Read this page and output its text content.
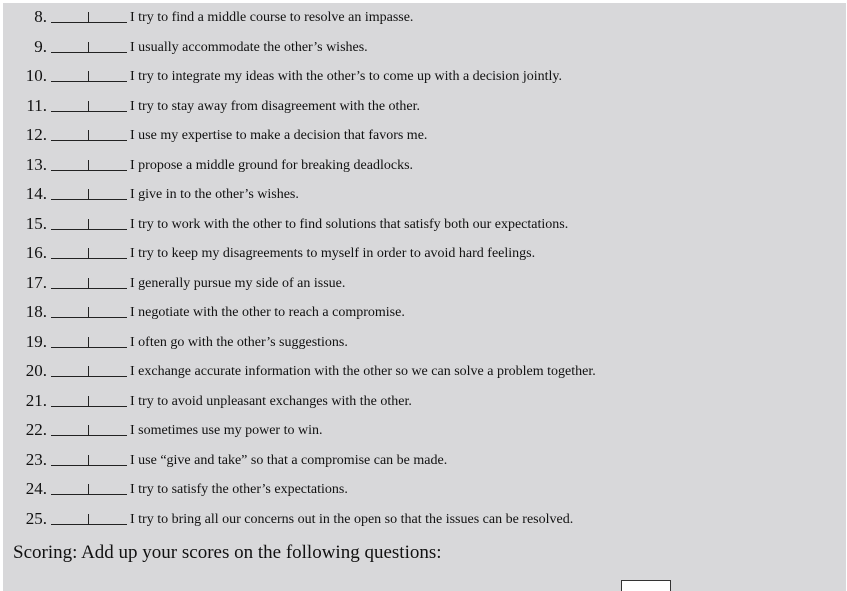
8.	I try to find a middle course to resolve an impasse.
9.	I usually accommodate the other’s wishes.
10.	I try to integrate my ideas with the other’s to come up with a decision jointly.
11.	I try to stay away from disagreement with the other.
12.	I use my expertise to make a decision that favors me.
13.	I propose a middle ground for breaking deadlocks.
14.	I give in to the other’s wishes.
15.	I try to work with the other to find solutions that satisfy both our expectations.
16.	I try to keep my disagreements to myself in order to avoid hard feelings.
17.	I generally pursue my side of an issue.
18.	I negotiate with the other to reach a compromise.
19.	I often go with the other’s suggestions.
20.	I exchange accurate information with the other so we can solve a problem together.
21.	I try to avoid unpleasant exchanges with the other.
22.	I sometimes use my power to win.
23.	I use “give and take” so that a compromise can be made.
24.	I try to satisfy the other’s expectations.
25.	I try to bring all our concerns out in the open so that the issues can be resolved.
Scoring: Add up your scores on the following questions:
